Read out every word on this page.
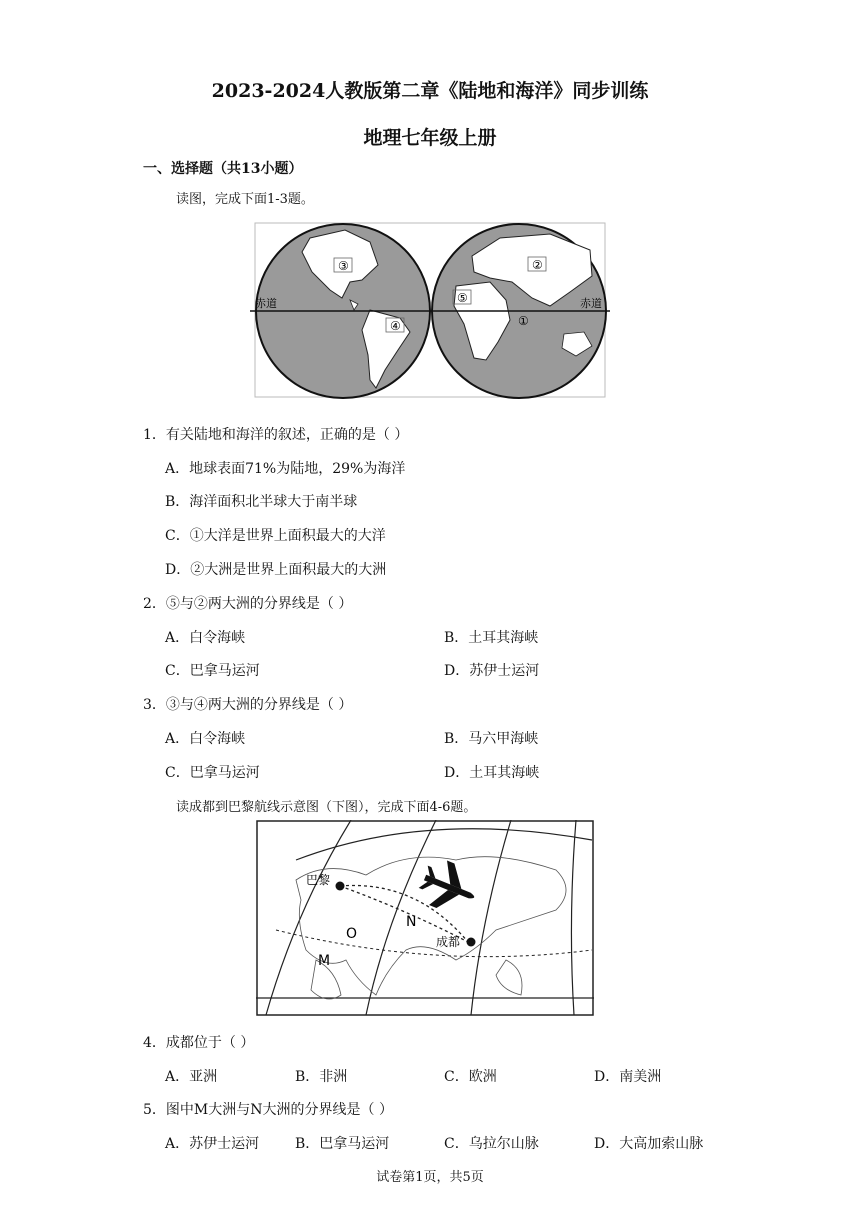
2023-2024人教版第二章《陆地和海洋》同步训练
地理七年级上册
一、选择题（共13小题）
读图，完成下面1-3题。
赤道	赤道
③
④
②
⑤
①
1．有关陆地和海洋的叙述，正确的是（ ）
A．地球表面71%为陆地，29%为海洋
B．海洋面积北半球大于南半球
C．①大洋是世界上面积最大的大洋
D．②大洲是世界上面积最大的大洲
2．⑤与②两大洲的分界线是（ ）
A．白令海峡	B．土耳其海峡
C．巴拿马运河	D．苏伊士运河
3．③与④两大洲的分界线是（ ）
A．白令海峡	B．马六甲海峡
C．巴拿马运河	D．土耳其海峡
读成都到巴黎航线示意图（下图），完成下面4-6题。
巴黎
成都
N
O
M
4．成都位于（ ）
A．亚洲	B．非洲	C．欧洲	D．南美洲
5．图中M大洲与N大洲的分界线是（ ）
A．苏伊士运河	B．巴拿马运河	C．乌拉尔山脉	D．大高加索山脉
试卷第1页，共5页
